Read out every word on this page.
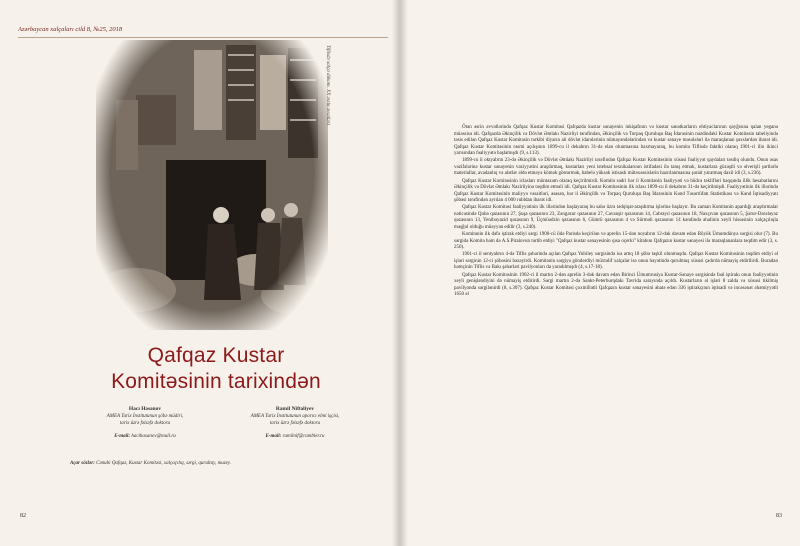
Azərbaycan xalçaları cild 8, №25, 2018
Tiflisdə xalça dükanı. XX əsrin əvvəlləri
Qafqaz Kustar
Komitəsinin tarixindən
Hacı Həsənov
AMEA Tarix İnstitutunun şöbə müdiri,
tarix üzrə fəlsəfə doktoru
E-mail: hacihasanov@mail.ru
Ramil Niftəliyev
AMEA Tarix İnstitutunun aparıcı elmi işçisi,
tarix üzrə fəlsəfə doktoru
E-mail: ramilnif@rambler.ru
Açar sözlər: Cənubi Qafqaz, Kustar Komitəsi, xalçaçılıq, sərgi, qurultay, muzey.
82

Ötən əsrin əvvəllərində Qafqaz Kustar Komitəsi Qafqazda kustar sənayenin inkişafının və kustar sənətkarların ehtiyaclarının qayğısına qalan yeganə müəssisə idi. Qafqazda Əkinçilik və Dövlət Əmlakı Nazirliyi tərəfindən, Əkinçilik və Torpaq Quruluşu Baş İdarəsinin nəzdindəki Kustar Komitəsin tabeliyində təsis edilən Qafqaz Kustar Komitəsin tərkibi diyarın ali dövlət idarələrinin nümayəndələrindən və kustar sənaye məsələləri ilə maraqlanan şəxslərdən ibarət idi. Qafqaz Kustar Komitəsinin rəsmi açılışının 1899-cu il dekabrın 31-də elan olunmasına baxmayaraq, bu komitə Tiflisdə faktiki olaraq 1901-ci ilin ikinci yarısından fəaliyyətə başlamışdı (9, s.113).

1899-cu il oktyabrın 23-də Əkinçilik və Dövlət Əmlakı Nazirliyi tərəfindən Qafqaz Kustar Komitəsinin xüsusi fəaliyyət qaydaları təsdiq olundu. Onun əsas vəzifələrinə kustar sənayenin vəziyyətini araşdırmaq, kustarları yeni istehsal texnikalarının istifadəsi ilə tanış etmək, kustarlara güzəştli və əlverişli şərtlərlə materiallar, avadanlıq və alətlər əldə etməyə kömək göstərmək, habelə yüksək istisaslı mütəxəssislərin hazırlanmasına şərait yaratmaq daxil idi (3, s.236).

Qafqaz Kustar Komitəsinin iclasları müntəzəm olaraq keçirilmirdi. Komitə sədri hər il Komitənin fəaliyyəti və büdcə təklifləri haqqında illik hesabatlarını Əkinçilik və Dövlət Əmlakı Nazirliyinə təqdim etməli idi. Qafqaz Kustar Komitəsinin ilk iclası 1899-cu il dekabrın 31-də keçirilmişdi. Fəaliyyətinin ilk illərində Qafqaz Kustar Komitəsinin maliyyə vəsaitləri, əsasən, hər il Əkinçilik və Torpaq Quruluşu Baş İdarəsinin Kənd Təsərrüfatı Statistikası və Kənd İqtisadiyyatı şöbəsi tərəfindən ayrılan 4 000 rubldan ibarət idi.

Qafqaz Kustar Komitəsi fəaliyyətinin ilk illərindən başlayaraq bu sahə üzrə tədqiqat-araşdırma işlərinə başlayır. Bu zaman Komitənin apardığı araşdırmalar nəticəsində Quba qəzasının 27, Şuşa qəzasının 23, Zəngəzur qəzasının 27, Cavanşir qəzasının 14, Cəbrayıl qəzasının 18, Naxçıvan qəzasının 5, Şərur-Dərələyəz qəzasının 13, Yenibəyazid qəzasının 9, Üçmüədzin qəzasının 6, Gümrü qəzasının 4 və Sürməli qəzasının 14 kəndində əhalinin xeyli hissəsinin xalçaçılıqla məşğul olduğu müəyyən edilir (3, s.240).

Komitənin ilk dəfə iştirak etdiyi sərgi 1900-cü ildə Parisdə keçirilən və aprelin 15-dən noyabrın 12-dək davam edən Böyük Ümumdünya sərgisi olur (7). Bu sərgidə Komitə həm də A.S.Piralovun tərtib etdiyi "Qafqaz kustar sənayesinin qısa oçerki" kitabını Qafqazın kustar sənayesi ilə maraqlananlara təqdim edir (3, s. 250).

1901-ci il sentyabrın 4-də Tiflis şəhərində açılan Qafqaz Yubiley sərgisində isə artıq 18 şöbə təşkil olunmuşdu. Qafqaz Kustar Komitəsinin təqdim etdiyi əl işləri sərginin 12-ci şöbəsini bəzəyirdi. Komitənin sərgiyə göndərdiyi müxtəlif xalçalar isə onun həyətində qurulmuş xüsusi çadırda nümayiş etdirilirdi. Buradan həmçinin Tiflis və Bakı şəhərləri pavilyonları da yaradılmışdı (4, s.17-18).

Qafqaz Kustar Komitəsinin 1902-ci il martın 2-dən aprelin 3-dək davam edən Birinci Ümumrusiya Kustar-Sənaye sərgisində fəal iştirakı onun fəaliyyətinin xeyli genişləndiyini də nümayiş etdirirdi. Sərgi martın 2-də Sankt-Peterburqdakı Tavrida sarayında açıldı. Kustarların əl işləri 8 zalda və xüsusi tikilmiş pavilyonda sərgilənirdi (8, s.307). Qafqaz Kustar Komitəsi çoxmillətli Qafqazın kustar sənayesini əhatə edən 336 iştirakçının iqtisadi və incəsənət əhəmiyyətli 1650 əl

83
